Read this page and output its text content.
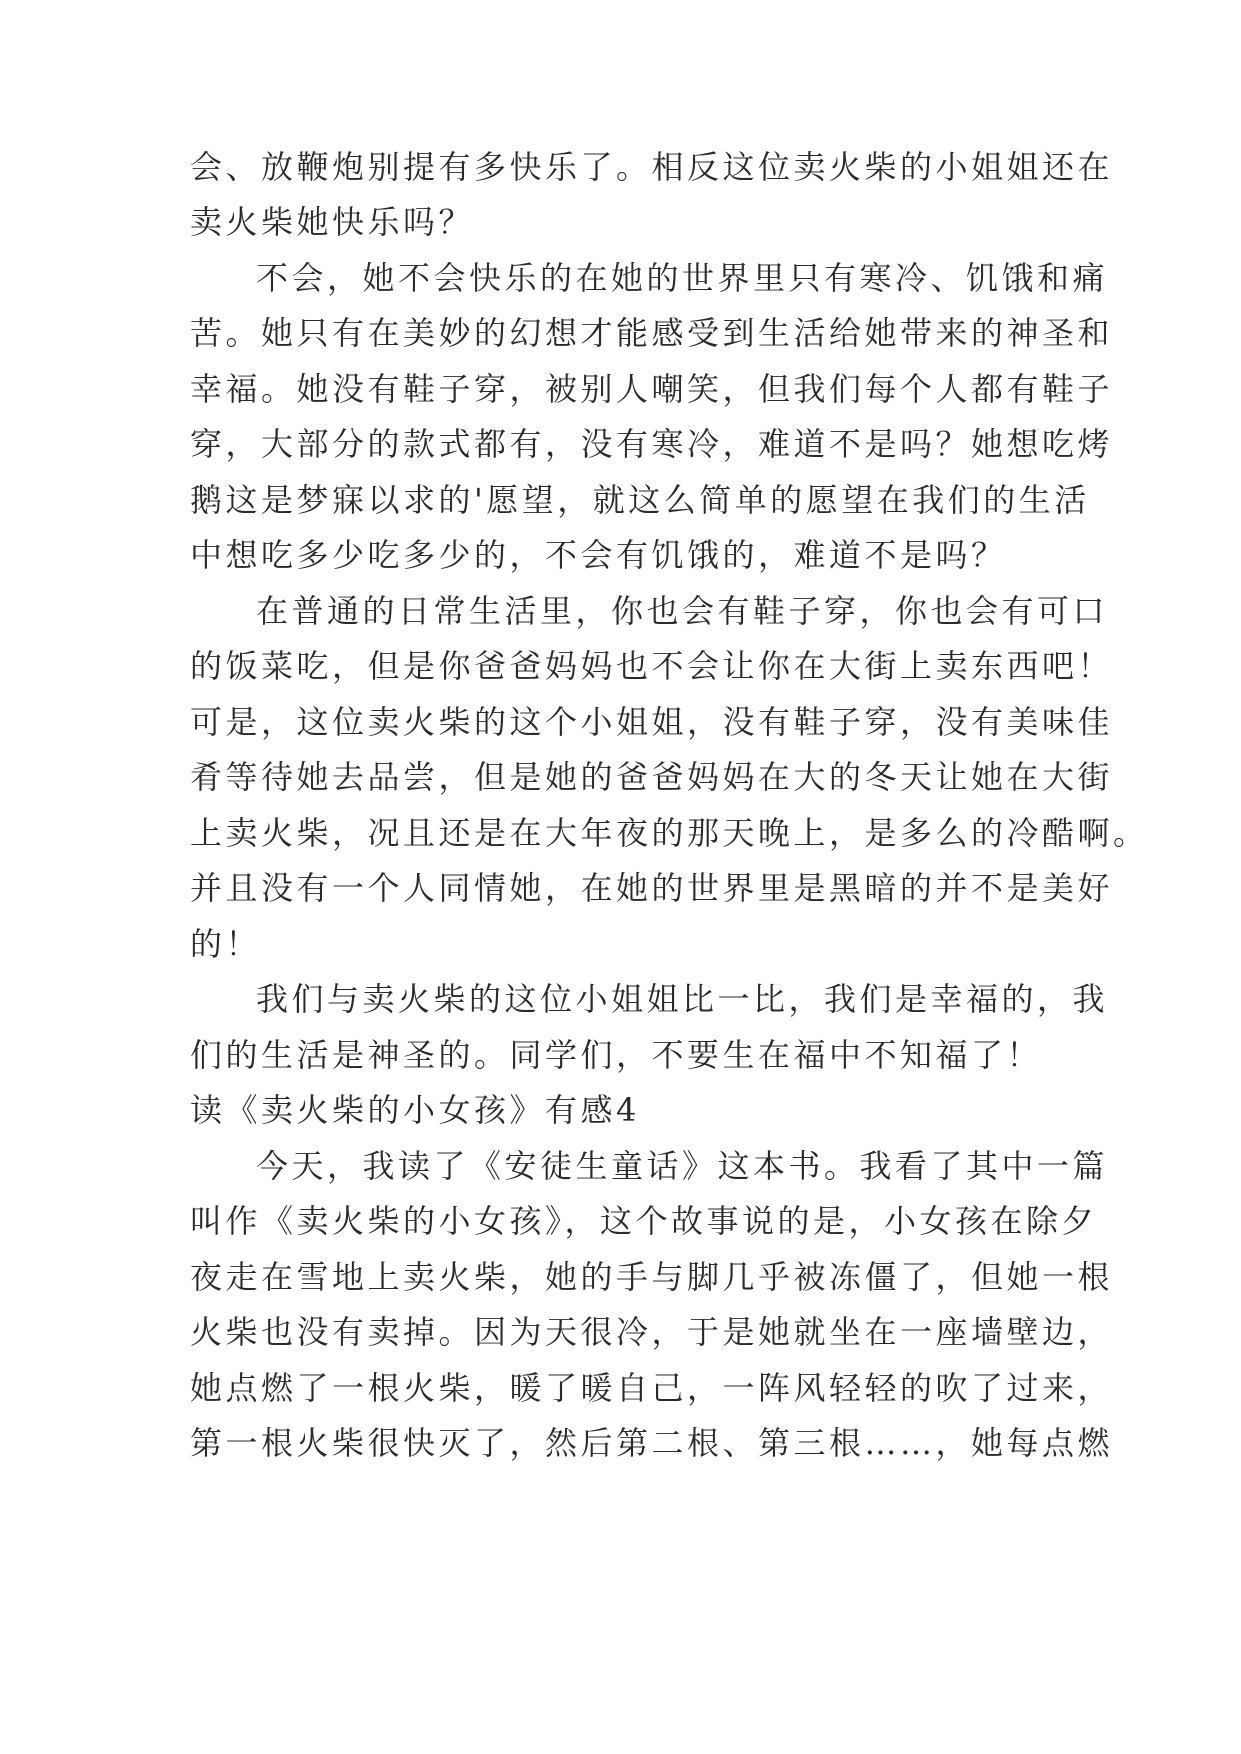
会、放鞭炮别提有多快乐了。相反这位卖火柴的小姐姐还在
卖火柴她快乐吗？
不会，她不会快乐的在她的世界里只有寒冷、饥饿和痛
苦。她只有在美妙的幻想才能感受到生活给她带来的神圣和
幸福。她没有鞋子穿，被别人嘲笑，但我们每个人都有鞋子
穿，大部分的款式都有，没有寒冷，难道不是吗？她想吃烤
鹅这是梦寐以求的'愿望，就这么简单的愿望在我们的生活
中想吃多少吃多少的，不会有饥饿的，难道不是吗？
在普通的日常生活里，你也会有鞋子穿，你也会有可口
的饭菜吃，但是你爸爸妈妈也不会让你在大街上卖东西吧！
可是，这位卖火柴的这个小姐姐，没有鞋子穿，没有美味佳
肴等待她去品尝，但是她的爸爸妈妈在大的冬天让她在大街
上卖火柴，况且还是在大年夜的那天晚上，是多么的冷酷啊。
并且没有一个人同情她，在她的世界里是黑暗的并不是美好
的！
我们与卖火柴的这位小姐姐比一比，我们是幸福的，我
们的生活是神圣的。同学们，不要生在福中不知福了！
读《卖火柴的小女孩》有感4
今天，我读了《安徒生童话》这本书。我看了其中一篇
叫作《卖火柴的小女孩》，这个故事说的是，小女孩在除夕
夜走在雪地上卖火柴，她的手与脚几乎被冻僵了，但她一根
火柴也没有卖掉。因为天很冷，于是她就坐在一座墙壁边，
她点燃了一根火柴，暖了暖自己，一阵风轻轻的吹了过来，
第一根火柴很快灭了，然后第二根、第三根……，她每点燃
